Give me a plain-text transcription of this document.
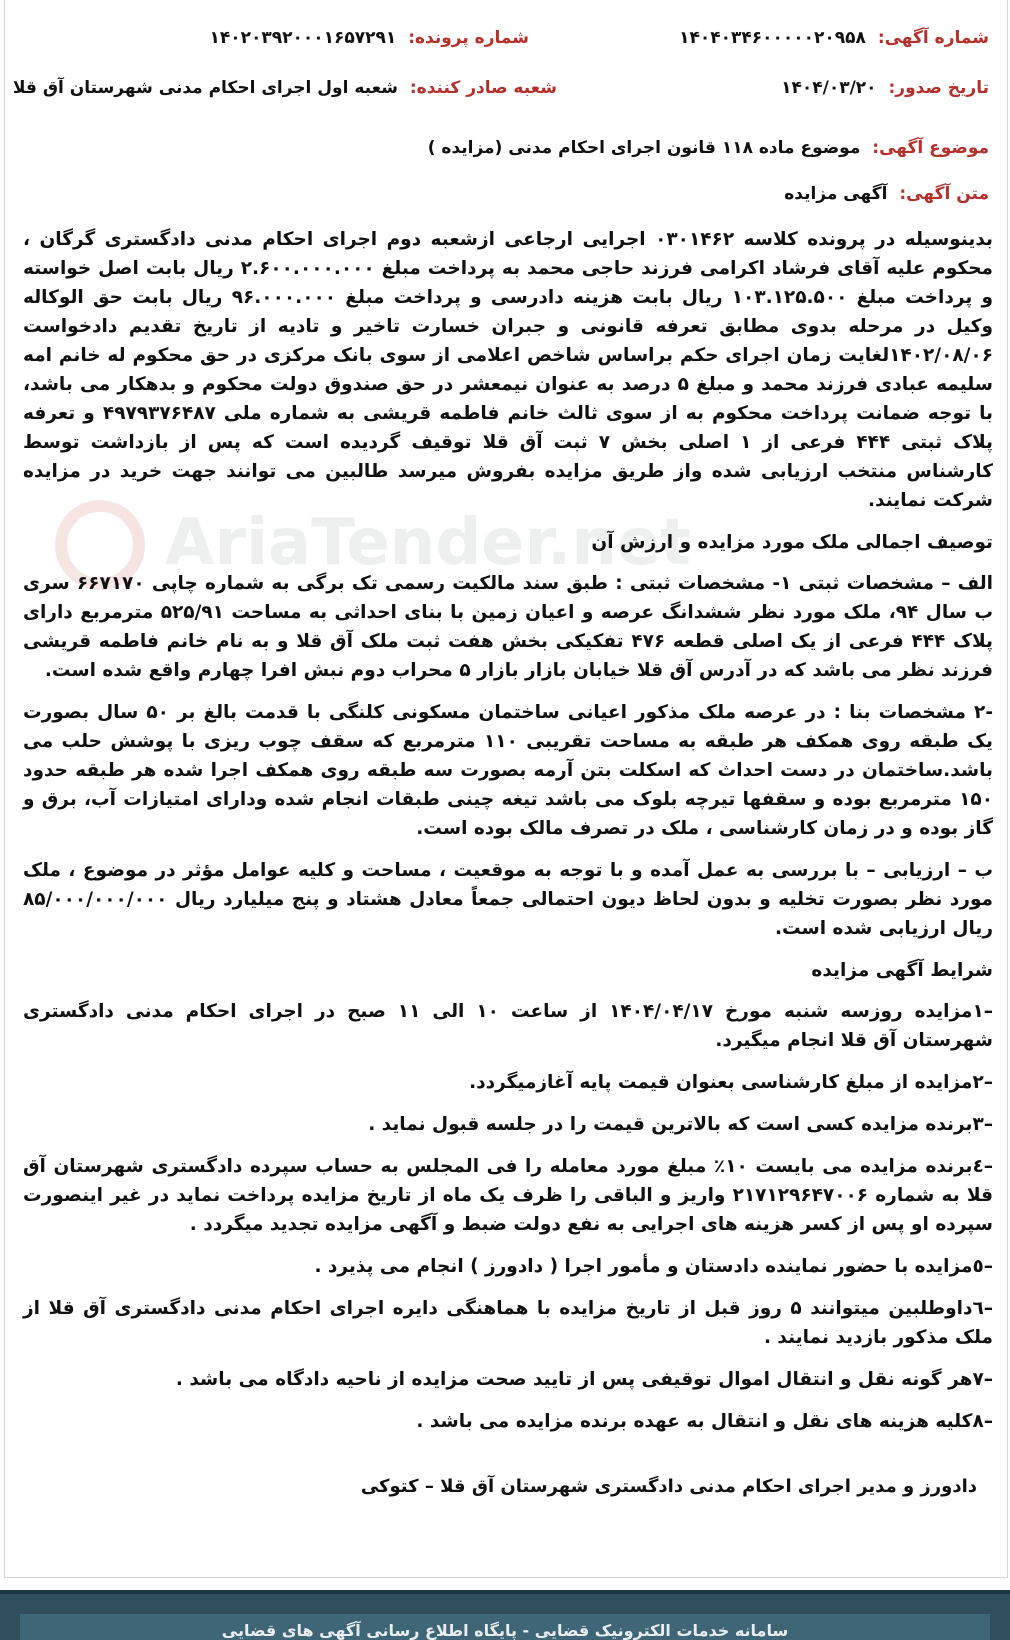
شماره آگهی: ۱۴۰۴۰۳۴۶۰۰۰۰۰۲۰۹۵۸
شماره پرونده: ۱۴۰۲۰۳۹۲۰۰۰۱۶۵۷۲۹۱
تاریخ صدور: ۱۴۰۴/۰۳/۲۰
شعبه صادر کننده: شعبه اول اجرای احکام مدنی شهرستان آق قلا
موضوع آگهی: موضوع ماده ۱۱۸ قانون اجرای احکام مدنی (مزایده )
متن آگهی: آگهی مزایده
AriaTender.net

بدینوسیله در پرونده کلاسه ۰۳۰۱۴۶۲ اجرایی ارجاعی ازشعبه دوم اجرای احکام مدنی دادگستری گرگان ، محکوم علیه آقای فرشاد اکرامی فرزند حاجی محمد به پرداخت مبلغ ۲.۶۰۰.۰۰۰.۰۰۰ ریال بابت اصل خواسته و پرداخت مبلغ ۱۰۳.۱۲۵.۵۰۰ ریال بابت هزینه دادرسی و پرداخت مبلغ ۹۶.۰۰۰.۰۰۰ ریال بابت حق الوکاله وکیل در مرحله بدوی مطابق تعرفه قانونی و جبران خسارت تاخیر و تادیه از تاریخ تقدیم دادخواست ۱۴۰۲/۰۸/۰۶لغایت زمان اجرای حکم براساس شاخص اعلامی از سوی بانک مرکزی در حق محکوم له خانم امه سلیمه عبادی فرزند محمد و مبلغ ۵ درصد به عنوان نیمعشر در حق صندوق دولت محکوم و بدهکار می باشد، با توجه ضمانت پرداخت محکوم به از سوی ثالث خانم فاطمه قریشی به شماره ملی ۴۹۷۹۳۷۶۴۸۷ و تعرفه پلاک ثبتی ۴۴۴ فرعی از ۱ اصلی بخش ۷ ثبت آق قلا توقیف گردیده است که پس از بازداشت توسط کارشناس منتخب ارزیابی شده واز طریق مزایده بفروش میرسد طالبین می توانند جهت خرید در مزایده شرکت نمایند.

توصیف اجمالی ملک مورد مزایده و ارزش آن

الف – مشخصات ثبتی ۱- مشخصات ثبتی : طبق سند مالکیت رسمی تک برگی به شماره چاپی ۶۶۷۱۷۰ سری ب سال ۹۴، ملک مورد نظر ششدانگ عرصه و اعیان زمین با بنای احداثی به مساحت ۵۲۵/۹۱ مترمربع دارای پلاک ۴۴۴ فرعی از یک اصلی قطعه ۴۷۶ تفکیکی بخش هفت ثبت ملک آق قلا و به نام خانم فاطمه قریشی فرزند نظر می باشد که در آدرس آق قلا خیابان بازار بازار ۵ محراب دوم نبش افرا چهارم واقع شده است.

-۲ مشخصات بنا : در عرصه ملک مذکور اعیانی ساختمان مسکونی کلنگی با قدمت بالغ بر ۵۰ سال بصورت یک طبقه روی همکف هر طبقه به مساحت تقریبی ۱۱۰ مترمربع که سقف چوب ریزی با پوشش حلب می باشد.ساختمان در دست احداث که اسکلت بتن آرمه بصورت سه طبقه روی همکف اجرا شده هر طبقه حدود ۱۵۰ مترمربع بوده و سقفها تیرچه بلوک می باشد تیغه چینی طبقات انجام شده ودارای امتیازات آب، برق و گاز بوده و در زمان کارشناسی ، ملک در تصرف مالک بوده است.

ب – ارزیابی – با بررسی به عمل آمده و با توجه به موقعیت ، مساحت و کلیه عوامل مؤثر در موضوع ، ملک مورد نظر بصورت تخلیه و بدون لحاظ دیون احتمالی جمعاً معادل هشتاد و پنج میلیارد ریال ۸۵/۰۰۰/۰۰۰/۰۰۰ ریال ارزیابی شده است.

شرایط آگهی مزایده

–۱مزایده روزسه شنبه مورخ ۱۴۰۴/۰۴/۱۷ از ساعت ۱۰ الی ۱۱ صبح در اجرای احکام مدنی دادگستری شهرستان آق قلا انجام میگیرد.

–۲مزایده از مبلغ کارشناسی بعنوان قیمت پایه آغازمیگردد.

–۳برنده مزایده کسی است که بالاترین قیمت را در جلسه قبول نماید .

–٤برنده مزایده می بایست ۱۰٪ مبلغ مورد معامله را فی المجلس به حساب سپرده دادگستری شهرستان آق قلا به شماره ۲۱۷۱۲۹۶۴۷۰۰۶ واریز و الباقی را ظرف یک ماه از تاریخ مزایده پرداخت نماید در غیر اینصورت سپرده او پس از کسر هزینه های اجرایی به نفع دولت ضبط و آگهی مزایده تجدید میگردد .

–٥مزایده با حضور نماینده دادستان و مأمور اجرا ( دادورز ) انجام می پذیرد .

–٦داوطلبین میتوانند ۵ روز قبل از تاریخ مزایده با هماهنگی دایره اجرای احکام مدنی دادگستری آق قلا از ملک مذکور بازدید نمایند .

–۷هر گونه نقل و انتقال اموال توقیفی پس از تایید صحت مزایده از ناحیه دادگاه می باشد .

–۸کلیه هزینه های نقل و انتقال به عهده برنده مزایده می باشد .

دادورز و مدیر اجرای احکام مدنی دادگستری شهرستان آق قلا – کتوکی
سامانه خدمات الکترونیک قضایی - پایگاه اطلاع رسانی آگهی های قضایی
